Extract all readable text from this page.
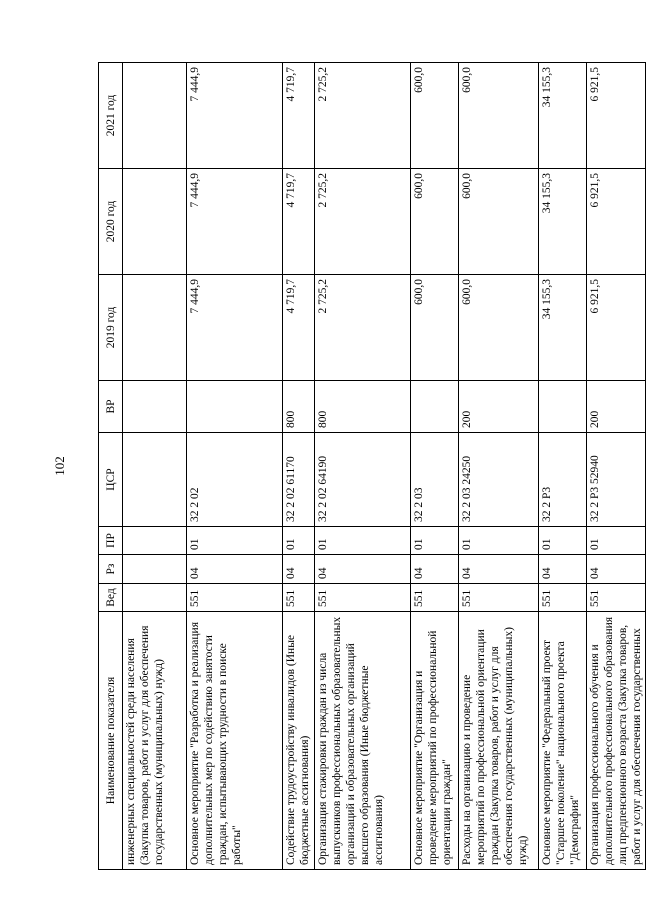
102
Наименование показателя	Вед	Рз	ПР	ЦСР	ВР	2019 год	2020 год	2021 год
инженерных специальностей среди населения (Закупка товаров, работ и услуг для обеспечения государственных (муниципальных) нужд)								
Основное мероприятие "Разработка и реализация дополнительных мер по содействию занятости граждан, испытывающих трудности в поиске работы"	551	04	01	32 2 02		7 444,9	7 444,9	7 444,9
Содействие трудоустройству инвалидов (Иные бюджетные ассигнования)	551	04	01	32 2 02 61170	800	4 719,7	4 719,7	4 719,7
Организация стажировки граждан из числа выпускников профессиональных образовательных организаций и образовательных организаций высшего образования (Иные бюджетные ассигнования)	551	04	01	32 2 02 64190	800	2 725,2	2 725,2	2 725,2
Основное мероприятие "Организация и проведение мероприятий по профессиональной ориентации граждан"	551	04	01	32 2 03		600,0	600,0	600,0
Расходы на организацию и проведение мероприятий по профессиональной ориентации граждан (Закупка товаров, работ и услуг для обеспечения государственных (муниципальных) нужд)	551	04	01	32 2 03 24250	200	600,0	600,0	600,0
Основное мероприятие "Федеральный проект "Старшее поколение" национального проекта "Демография"	551	04	01	32 2 P3		34 155,3	34 155,3	34 155,3
Организация профессионального обучения и дополнительного профессионального образования лиц предпенсионного возраста (Закупка товаров, работ и услуг для обеспечения государственных	551	04	01	32 2 P3 52940	200	6 921,5	6 921,5	6 921,5
